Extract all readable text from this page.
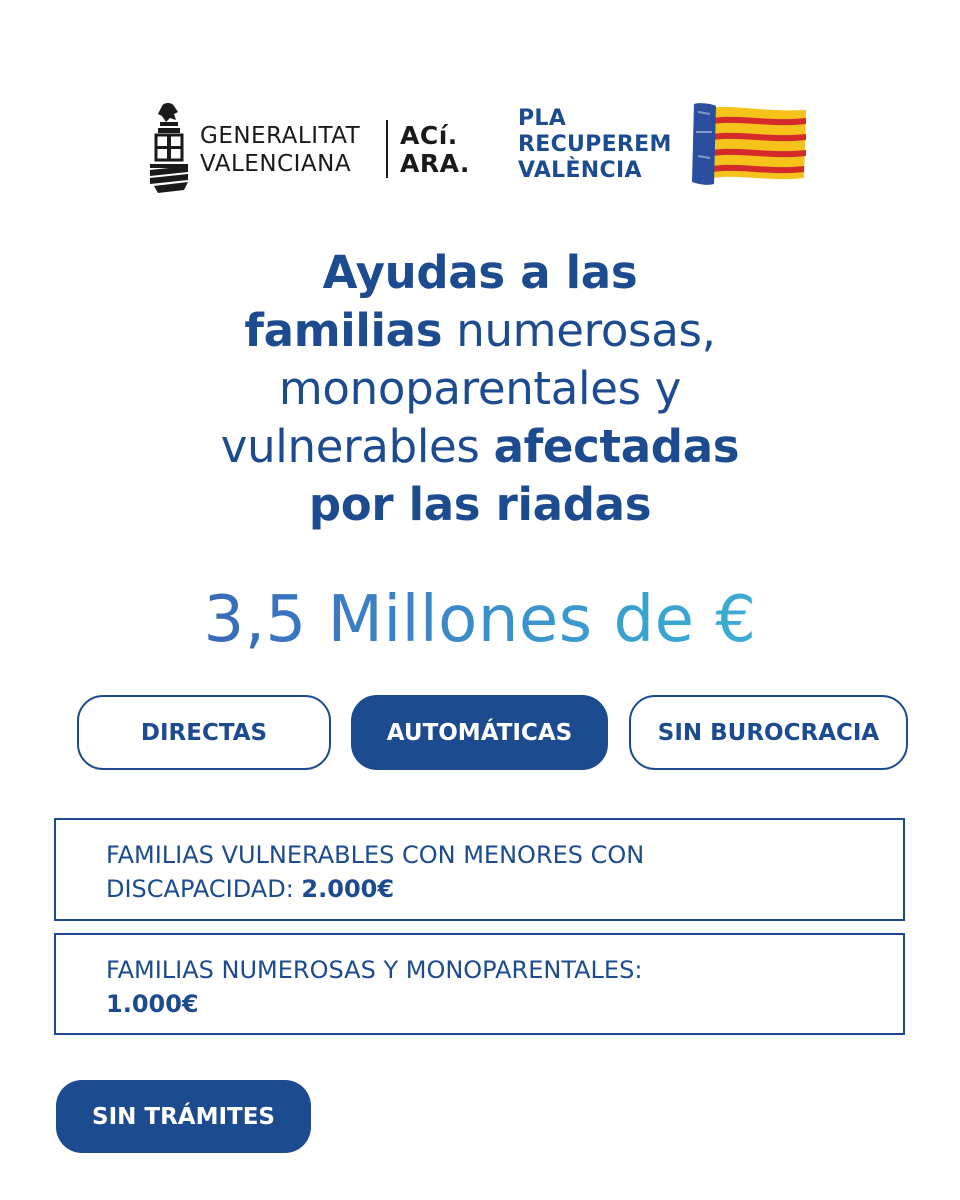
GENERALITAT
VALENCIANA
ACí.
ARA.
PLA
RECUPEREM
VALÈNCIA
Ayudas a las
familias numerosas,
monoparentales y
vulnerables afectadas
por las riadas
3,5 Millones de €
DIRECTAS	AUTOMÁTICAS	SIN BUROCRACIA
FAMILIAS VULNERABLES CON MENORES CON
DISCAPACIDAD: 2.000€
FAMILIAS NUMEROSAS Y MONOPARENTALES:
1.000€
SIN TRÁMITES
